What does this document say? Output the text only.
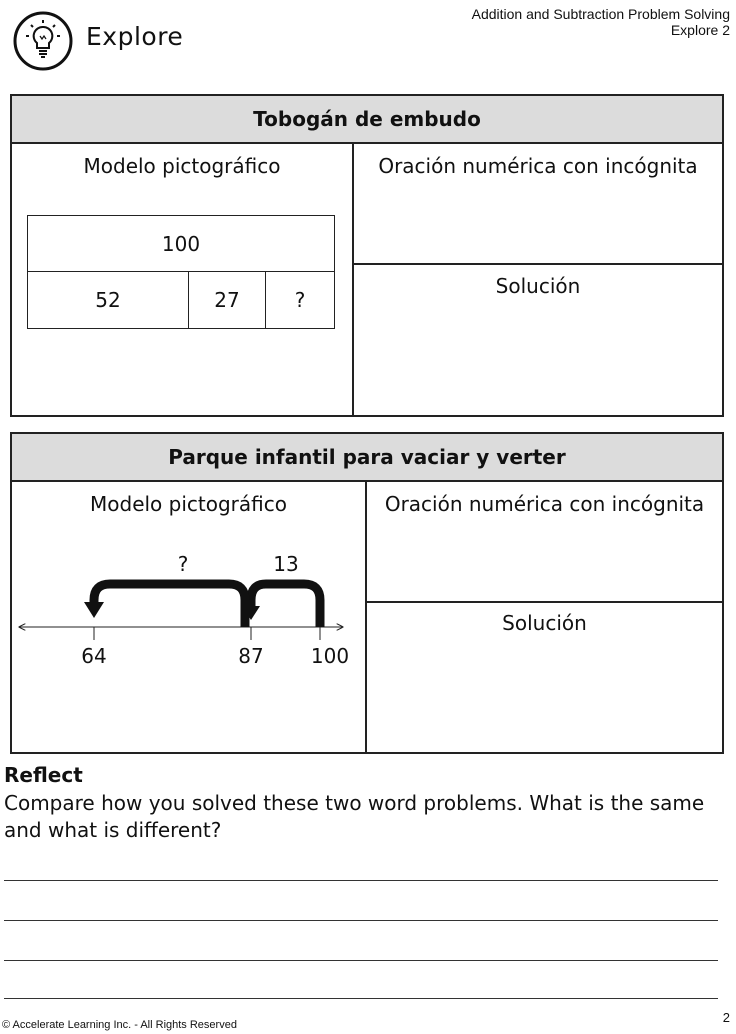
Explore
Addition and Subtraction Problem Solving
Explore 2
Tobogán de embudo
Modelo pictográfico	Oración numérica con incógnita
Solución
100
52	27	?
Parque infantil para vaciar y verter
Modelo pictográfico	Oración numérica con incógnita
Solución
?	13
64	87	100
Reflect
Compare how you solved these two word problems. What is the same and what is different?
© Accelerate Learning Inc. - All Rights Reserved	2
